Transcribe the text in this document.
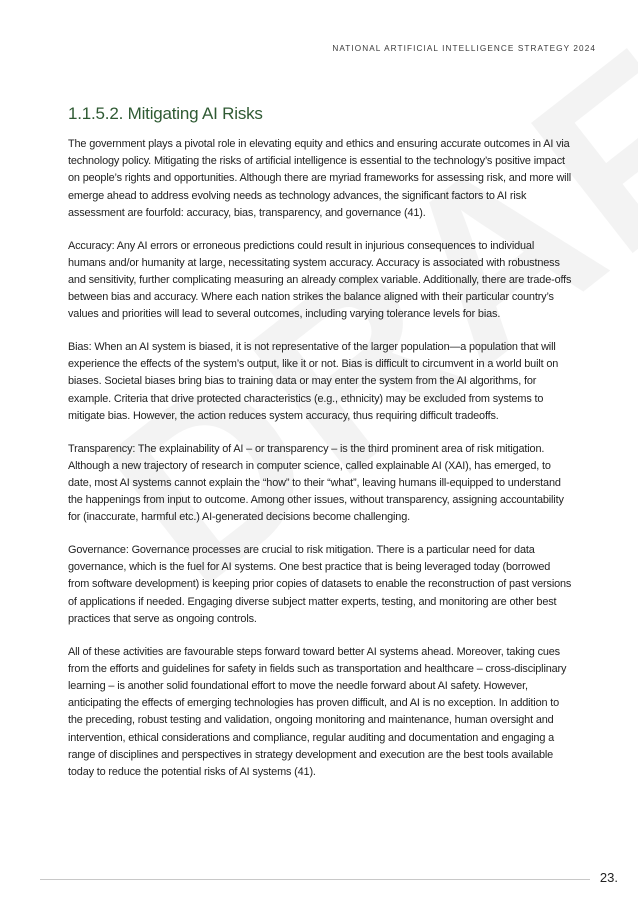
NATIONAL ARTIFICIAL INTELLIGENCE STRATEGY 2024
1.1.5.2. Mitigating AI Risks

The government plays a pivotal role in elevating equity and ethics and ensuring accurate outcomes in AI via technology policy. Mitigating the risks of artificial intelligence is essential to the technology’s positive impact on people’s rights and opportunities. Although there are myriad frameworks for assessing risk, and more will emerge ahead to address evolving needs as technology advances, the significant factors to AI risk assessment are fourfold: accuracy, bias, transparency, and governance (41).

Accuracy: Any AI errors or erroneous predictions could result in injurious consequences to individual humans and/or humanity at large, necessitating system accuracy. Accuracy is associated with robustness and sensitivity, further complicating measuring an already complex variable. Additionally, there are trade-offs between bias and accuracy. Where each nation strikes the balance aligned with their particular country’s values and priorities will lead to several outcomes, including varying tolerance levels for bias.

Bias: When an AI system is biased, it is not representative of the larger population—a population that will experience the effects of the system’s output, like it or not. Bias is difficult to circumvent in a world built on biases. Societal biases bring bias to training data or may enter the system from the AI algorithms, for example. Criteria that drive protected characteristics (e.g., ethnicity) may be excluded from systems to mitigate bias. However, the action reduces system accuracy, thus requiring difficult tradeoffs.

Transparency: The explainability of AI – or transparency – is the third prominent area of risk mitigation. Although a new trajectory of research in computer science, called explainable AI (XAI), has emerged, to date, most AI systems cannot explain the “how” to their “what”, leaving humans ill-equipped to understand the happenings from input to outcome. Among other issues, without transparency, assigning accountability for (inaccurate, harmful etc.) AI-generated decisions become challenging.

Governance: Governance processes are crucial to risk mitigation. There is a particular need for data governance, which is the fuel for AI systems. One best practice that is being leveraged today (borrowed from software development) is keeping prior copies of datasets to enable the reconstruction of past versions of applications if needed. Engaging diverse subject matter experts, testing, and monitoring are other best practices that serve as ongoing controls.

All of these activities are favourable steps forward toward better AI systems ahead. Moreover, taking cues from the efforts and guidelines for safety in fields such as transportation and healthcare – cross-disciplinary learning – is another solid foundational effort to move the needle forward about AI safety. However, anticipating the effects of emerging technologies has proven difficult, and AI is no exception. In addition to the preceding, robust testing and validation, ongoing monitoring and maintenance, human oversight and intervention, ethical considerations and compliance, regular auditing and documentation and engaging a range of disciplines and perspectives in strategy development and execution are the best tools available today to reduce the potential risks of AI systems (41).

23.
